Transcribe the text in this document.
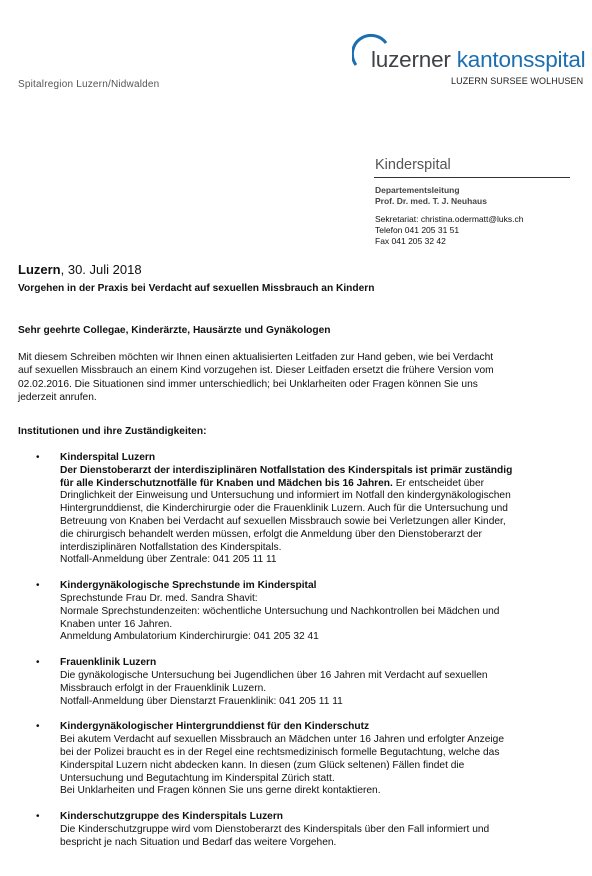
luzerner kantonsspital
LUZERN SURSEE WOLHUSEN
Spitalregion Luzern/Nidwalden
Kinderspital
Departementsleitung
Prof. Dr. med. T. J. Neuhaus
Sekretariat: christina.odermatt@luks.ch
Telefon 041 205 31 51
Fax 041 205 32 42
Luzern, 30. Juli 2018
Vorgehen in der Praxis bei Verdacht auf sexuellen Missbrauch an Kindern
Sehr geehrte Collegae, Kinderärzte, Hausärzte und Gynäkologen
Mit diesem Schreiben möchten wir Ihnen einen aktualisierten Leitfaden zur Hand geben, wie bei Verdacht
auf sexuellen Missbrauch an einem Kind vorzugehen ist. Dieser Leitfaden ersetzt die frühere Version vom
02.02.2016. Die Situationen sind immer unterschiedlich; bei Unklarheiten oder Fragen können Sie uns
jederzeit anrufen.
Institutionen und ihre Zuständigkeiten:
• Kinderspital Luzern
Der Dienstoberarzt der interdisziplinären Notfallstation des Kinderspitals ist primär zuständig
für alle Kinderschutznotfälle für Knaben und Mädchen bis 16 Jahren. Er entscheidet über
Dringlichkeit der Einweisung und Untersuchung und informiert im Notfall den kindergynäkologischen
Hintergrunddienst, die Kinderchirurgie oder die Frauenklinik Luzern. Auch für die Untersuchung und
Betreuung von Knaben bei Verdacht auf sexuellen Missbrauch sowie bei Verletzungen aller Kinder,
die chirurgisch behandelt werden müssen, erfolgt die Anmeldung über den Dienstoberarzt der
interdisziplinären Notfallstation des Kinderspitals.
Notfall-Anmeldung über Zentrale: 041 205 11 11
• Kindergynäkologische Sprechstunde im Kinderspital
Sprechstunde Frau Dr. med. Sandra Shavit:
Normale Sprechstundenzeiten: wöchentliche Untersuchung und Nachkontrollen bei Mädchen und
Knaben unter 16 Jahren.
Anmeldung Ambulatorium Kinderchirurgie: 041 205 32 41
• Frauenklinik Luzern
Die gynäkologische Untersuchung bei Jugendlichen über 16 Jahren mit Verdacht auf sexuellen
Missbrauch erfolgt in der Frauenklinik Luzern.
Notfall-Anmeldung über Dienstarzt Frauenklinik: 041 205 11 11
• Kindergynäkologischer Hintergrunddienst für den Kinderschutz
Bei akutem Verdacht auf sexuellen Missbrauch an Mädchen unter 16 Jahren und erfolgter Anzeige
bei der Polizei braucht es in der Regel eine rechtsmedizinisch formelle Begutachtung, welche das
Kinderspital Luzern nicht abdecken kann. In diesen (zum Glück seltenen) Fällen findet die
Untersuchung und Begutachtung im Kinderspital Zürich statt.
Bei Unklarheiten und Fragen können Sie uns gerne direkt kontaktieren.
• Kinderschutzgruppe des Kinderspitals Luzern
Die Kinderschutzgruppe wird vom Dienstoberarzt des Kinderspitals über den Fall informiert und
bespricht je nach Situation und Bedarf das weitere Vorgehen.
